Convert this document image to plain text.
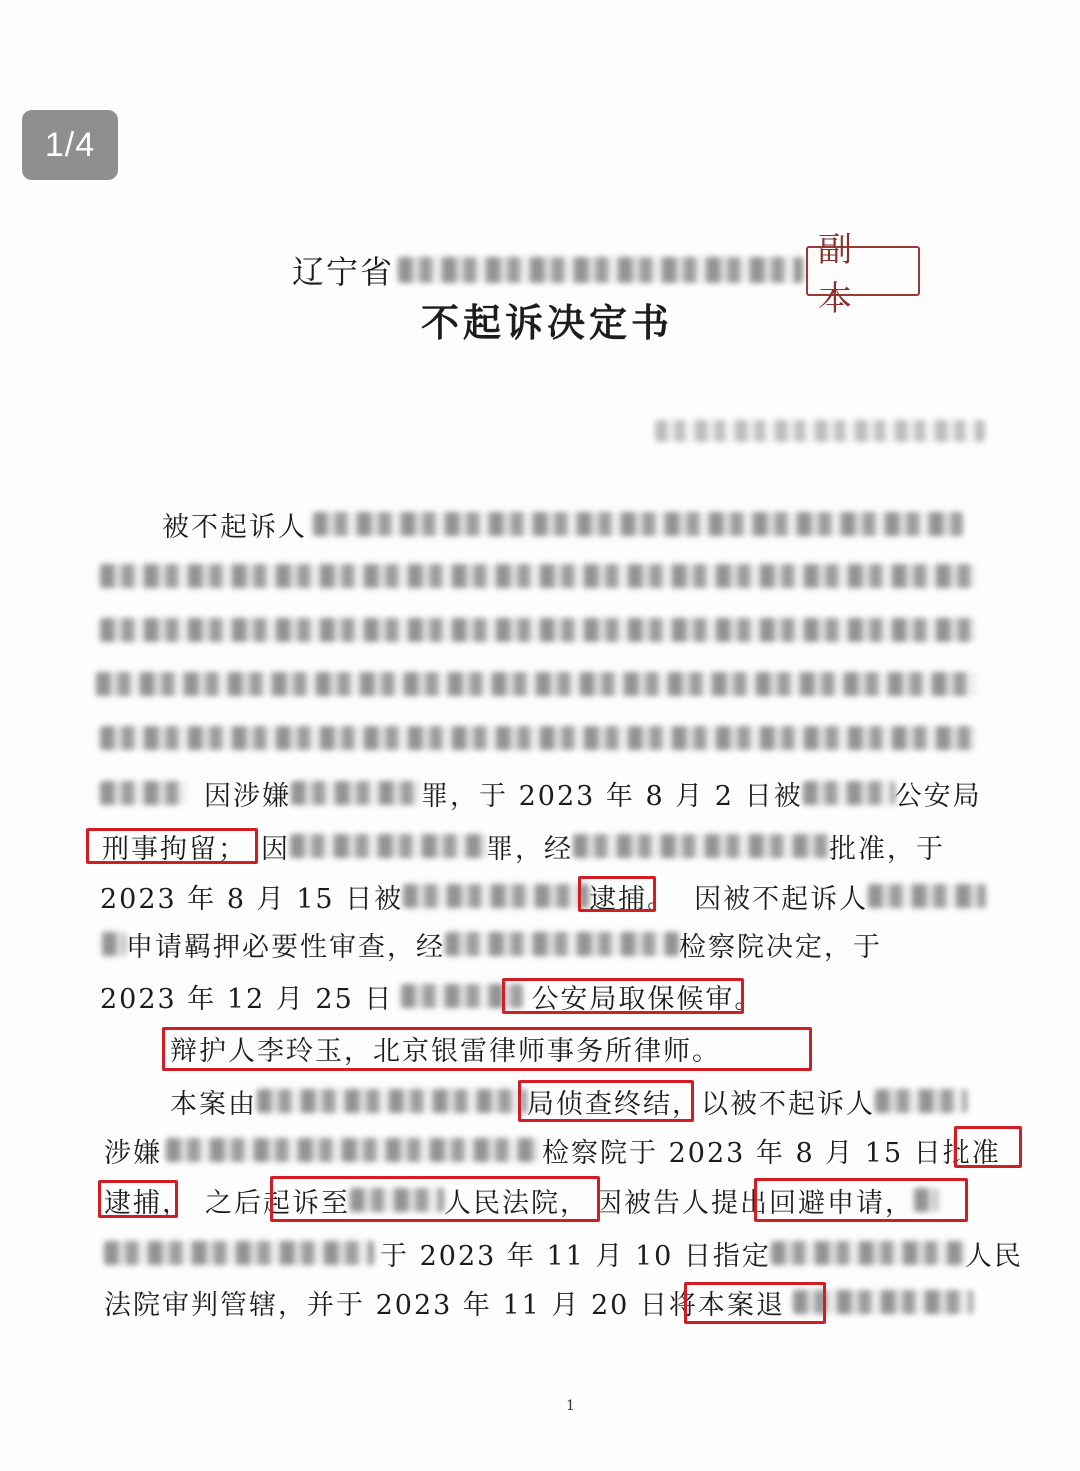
1/4
辽宁省
副本
不起诉决定书
被不起诉人
因涉嫌	罪，于 2023 年 8 月 2 日被	公安局
刑事拘留； 因	罪，经	批准，于
2023 年 8 月 15 日被	逮捕。 因被不起诉人
申请羁押必要性审查，经	检察院决定，于
2023 年 12 月 25 日	公安局取保候审。
辩护人李玲玉，北京银雷律师事务所律师。
本案由	局侦查终结，以被不起诉人
涉嫌	检察院于 2023 年 8 月 15 日 批准
逮捕， 之后 起诉至	人民法院， 因被告人 提出回避申请，
于 2023 年 11 月 10 日指定	人民
法院审判管辖，并于 2023 年 11 月 20 日 将本案退
1
